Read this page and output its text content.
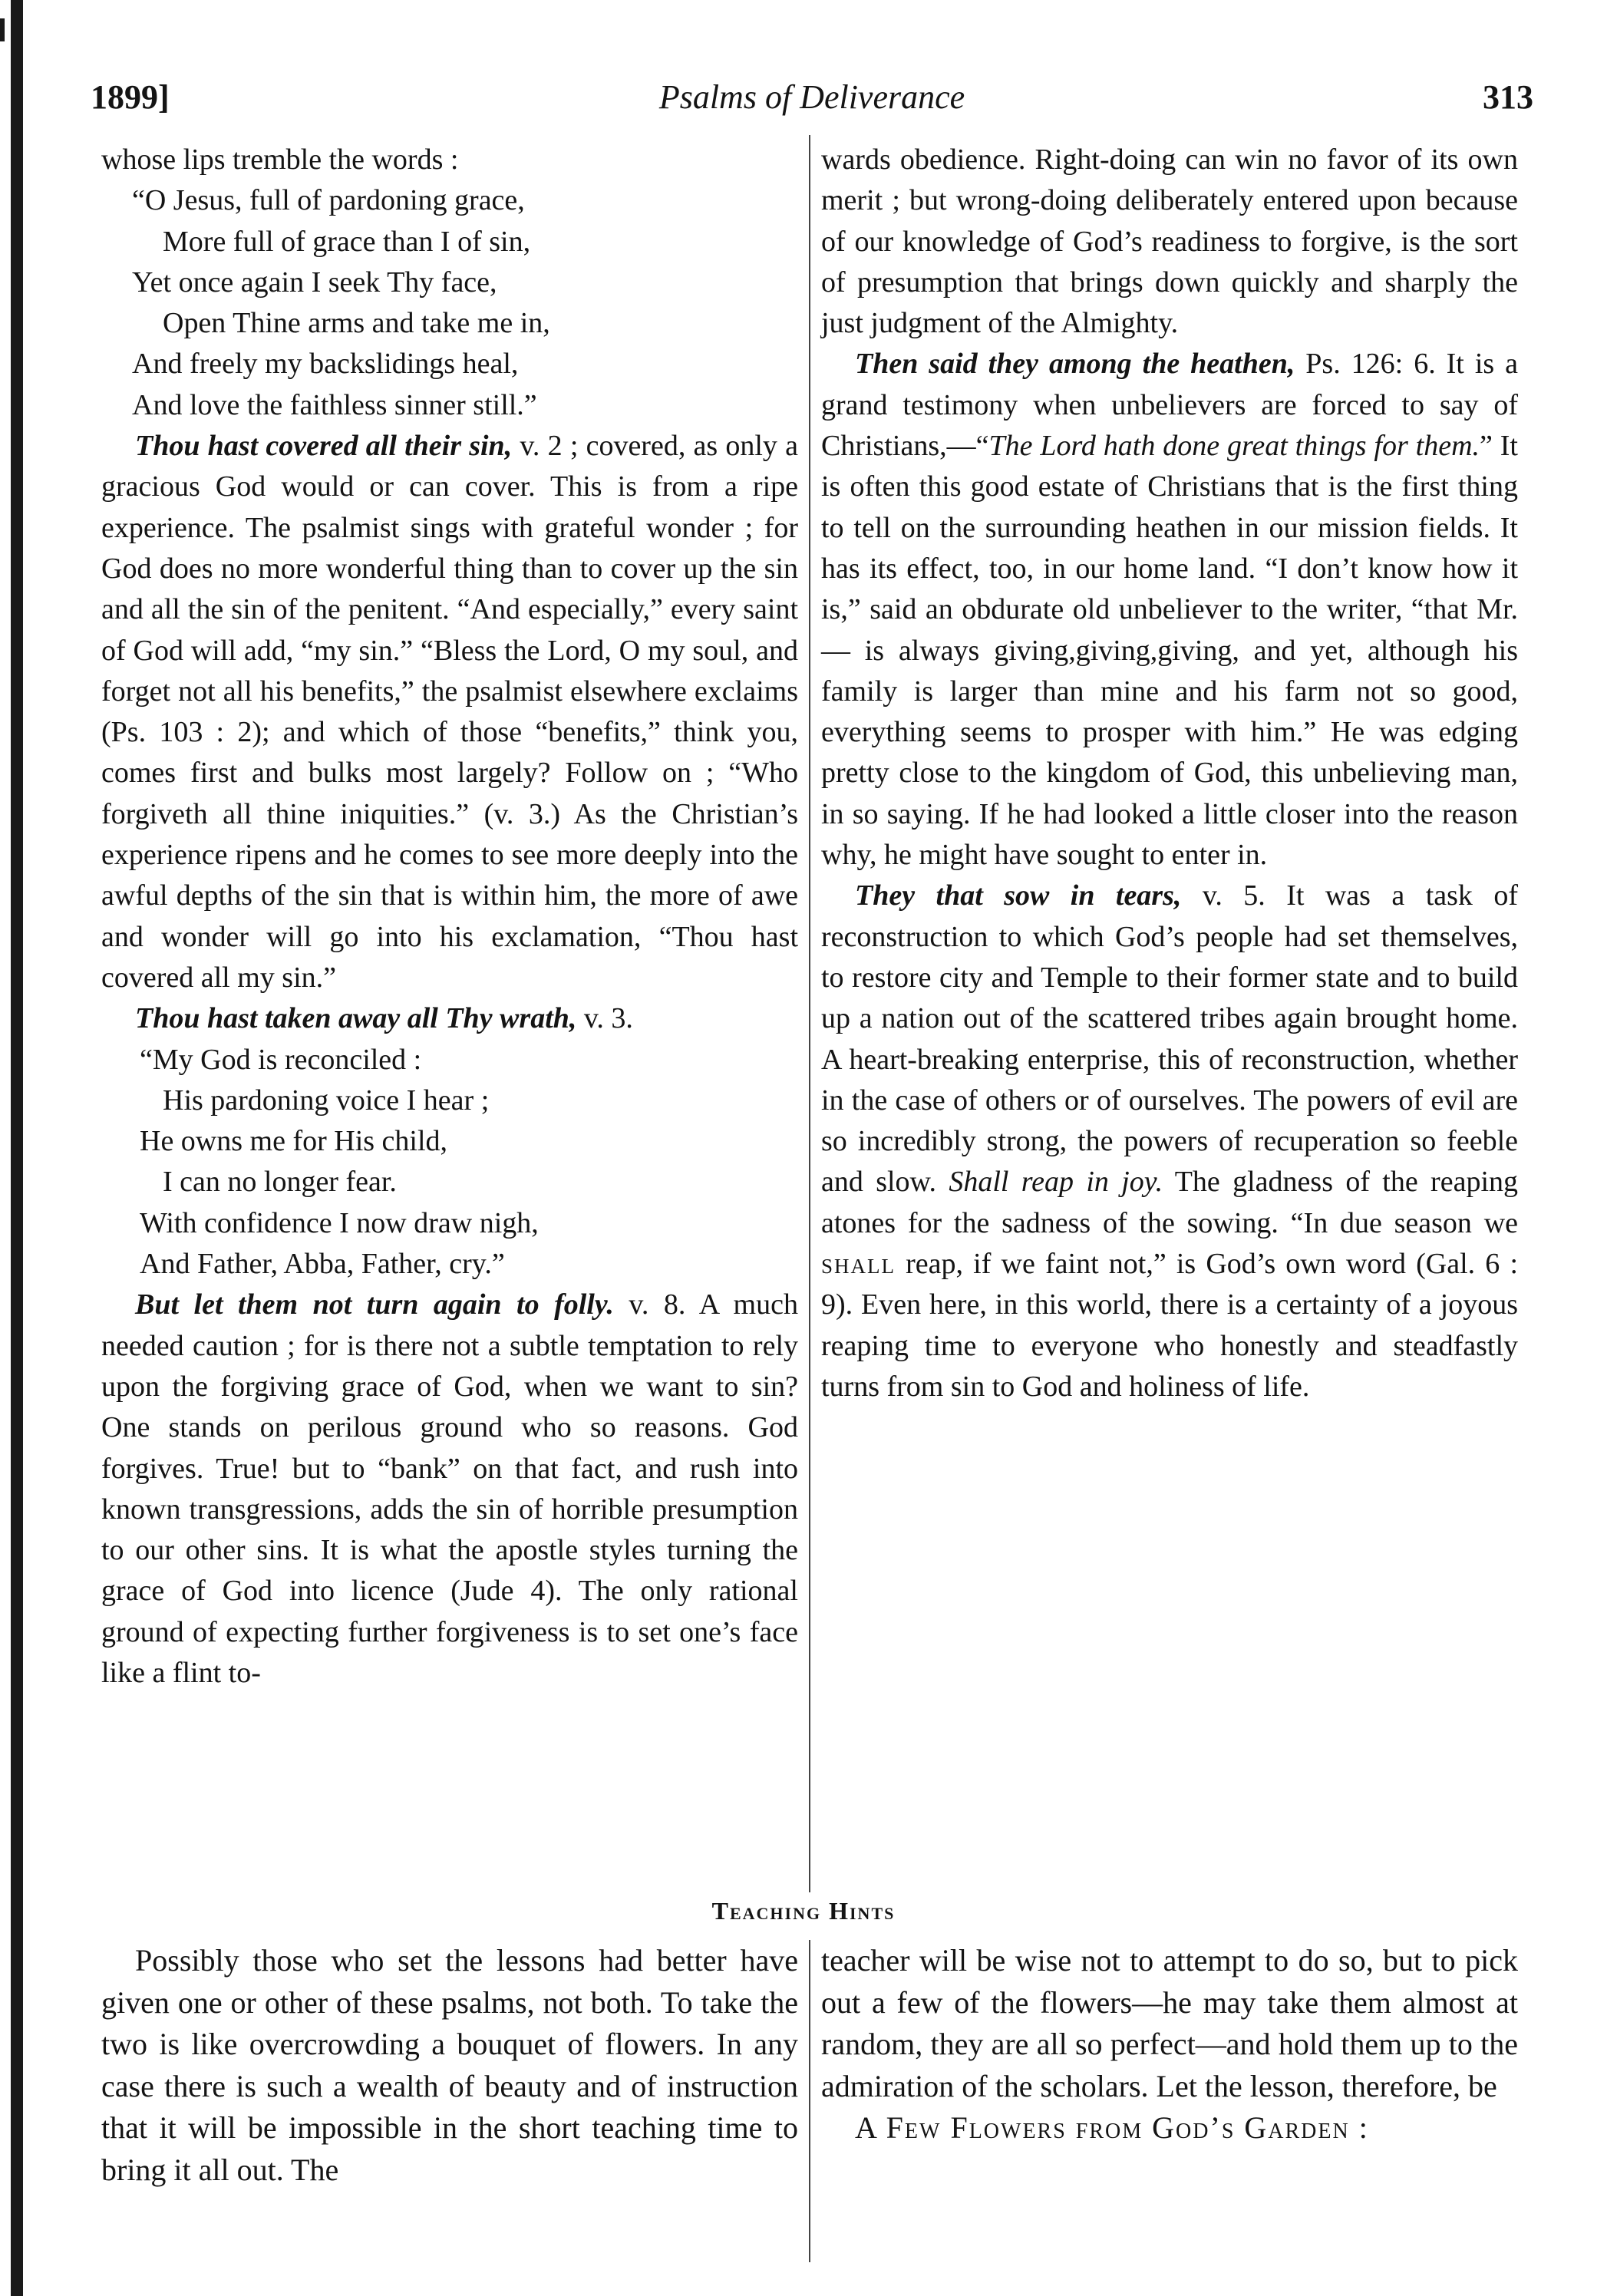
1899]	Psalms of Deliverance	313

whose lips tremble the words :

“O Jesus, full of pardoning grace,
More full of grace than I of sin,
Yet once again I seek Thy face,
Open Thine arms and take me in,
And freely my backslidings heal,
And love the faithless sinner still.”

Thou hast covered all their sin, v. 2 ; covered, as only a gracious God would or can cover. This is from a ripe experience. The psalmist sings with grateful wonder ; for God does no more wonderful thing than to cover up the sin and all the sin of the penitent. “And especially,” every saint of God will add, “my sin.” “Bless the Lord, O my soul, and forget not all his benefits,” the psalmist elsewhere exclaims (Ps. 103 : 2); and which of those “benefits,” think you, comes first and bulks most largely? Follow on ; “Who forgiveth all thine iniquities.” (v. 3.) As the Christian’s experience ripens and he comes to see more deeply into the awful depths of the sin that is within him, the more of awe and wonder will go into his exclamation, “Thou hast covered all my sin.”

Thou hast taken away all Thy wrath, v. 3.

“My God is reconciled :
His pardoning voice I hear ;
He owns me for His child,
I can no longer fear.
With confidence I now draw nigh,
And Father, Abba, Father, cry.”

But let them not turn again to folly. v. 8. A much needed caution ; for is there not a subtle temptation to rely upon the forgiving grace of God, when we want to sin? One stands on perilous ground who so reasons. God forgives. True! but to “bank” on that fact, and rush into known transgressions, adds the sin of horrible presumption to our other sins. It is what the apostle styles turning the grace of God into licence (Jude 4). The only rational ground of expecting further forgiveness is to set one’s face like a flint to-

wards obedience. Right-doing can win no favor of its own merit ; but wrong-doing deliberately entered upon because of our knowledge of God’s readiness to forgive, is the sort of presumption that brings down quickly and sharply the just judgment of the Almighty.

Then said they among the heathen, Ps. 126: 6. It is a grand testimony when unbelievers are forced to say of Christians,—“The Lord hath done great things for them.” It is often this good estate of Christians that is the first thing to tell on the surrounding heathen in our mission fields. It has its effect, too, in our home land. “I don’t know how it is,” said an obdurate old unbeliever to the writer, “that Mr. — is always giving,giving,giving, and yet, although his family is larger than mine and his farm not so good, everything seems to prosper with him.” He was edging pretty close to the kingdom of God, this unbelieving man, in so saying. If he had looked a little closer into the reason why, he might have sought to enter in.

They that sow in tears, v. 5. It was a task of reconstruction to which God’s people had set themselves, to restore city and Temple to their former state and to build up a nation out of the scattered tribes again brought home. A heart-breaking enterprise, this of reconstruction, whether in the case of others or of ourselves. The powers of evil are so incredibly strong, the powers of recuperation so feeble and slow. Shall reap in joy. The gladness of the reaping atones for the sadness of the sowing. “In due season we shall reap, if we faint not,” is God’s own word (Gal. 6 : 9). Even here, in this world, there is a certainty of a joyous reaping time to everyone who honestly and steadfastly turns from sin to God and holiness of life.

Teaching Hints

Possibly those who set the lessons had better have given one or other of these psalms, not both. To take the two is like overcrowding a bouquet of flowers. In any case there is such a wealth of beauty and of instruction that it will be impossible in the short teaching time to bring it all out. The

teacher will be wise not to attempt to do so, but to pick out a few of the flowers—he may take them almost at random, they are all so perfect—and hold them up to the admiration of the scholars. Let the lesson, therefore, be

A Few Flowers from God’s Garden :
